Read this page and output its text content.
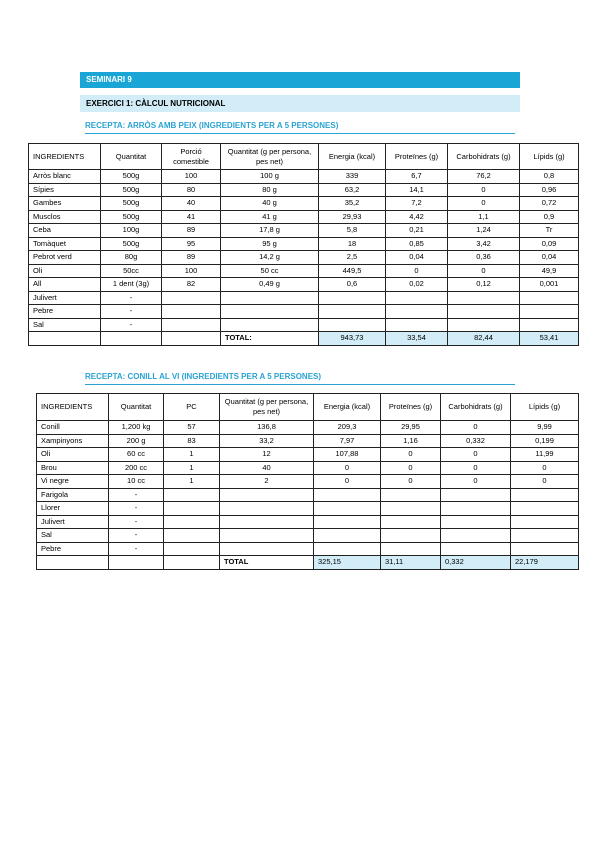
SEMINARI 9
EXERCICI 1: CÀLCUL NUTRICIONAL
RECEPTA: ARRÒS AMB PEIX (INGREDIENTS PER A 5 PERSONES)
INGREDIENTS	Quantitat	Porció comestible	Quantitat (g per persona, pes net)	Energia (kcal)	Proteïnes (g)	Carbohidrats (g)	Lípids (g)
Arròs blanc	500g	100	100 g	339	6,7	76,2	0,8
Sípies	500g	80	80 g	63,2	14,1	0	0,96
Gambes	500g	40	40 g	35,2	7,2	0	0,72
Musclos	500g	41	41 g	29,93	4,42	1,1	0,9
Ceba	100g	89	17,8 g	5,8	0,21	1,24	Tr
Tomàquet	500g	95	95 g	18	0,85	3,42	0,09
Pebrot verd	80g	89	14,2 g	2,5	0,04	0,36	0,04
Oli	50cc	100	50 cc	449,5	0	0	49,9
All	1 dent (3g)	82	0,49 g	0,6	0,02	0,12	0,001
Julivert	-						
Pebre	-						
Sal	-						
			TOTAL:	943,73	33,54	82,44	53,41
RECEPTA: CONILL AL VI (INGREDIENTS PER A 5 PERSONES)
INGREDIENTS	Quantitat	PC	Quantitat (g per persona, pes net)	Energia (kcal)	Proteïnes (g)	Carbohidrats (g)	Lípids (g)
Conill	1,200 kg	57	136,8	209,3	29,95	0	9,99
Xampinyons	200 g	83	33,2	7,97	1,16	0,332	0,199
Oli	60 cc	1	12	107,88	0	0	11,99
Brou	200 cc	1	40	0	0	0	0
Vi negre	10 cc	1	2	0	0	0	0
Farigola	-						
Llorer	-						
Julivert	-						
Sal	-						
Pebre	-						
			TOTAL	325,15	31,11	0,332	22,179
